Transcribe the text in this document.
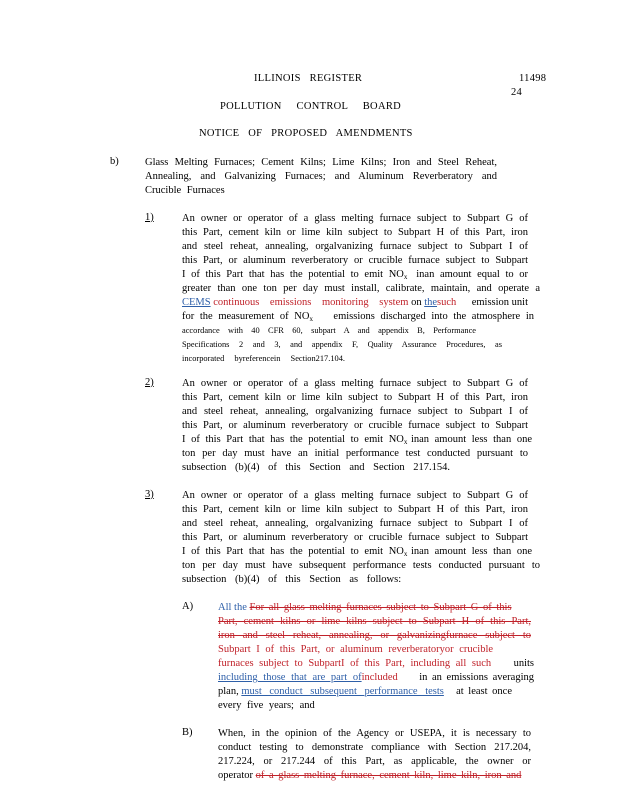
ILLINOIS REGISTER	11498
24
POLLUTION CONTROL BOARD
NOTICE OF PROPOSED AMENDMENTS
b)	Glass Melting Furnaces; Cement Kilns; Lime Kilns; Iron and Steel Reheat,
Annealing, and Galvanizing Furnaces; and Aluminum Reverberatory and
Crucible Furnaces
1)	An owner or operator of a glass melting furnace subject to Subpart G of
this Part, cement kiln or lime kiln subject to Subpart H of this Part, iron
and steel reheat, annealing, orgalvanizing furnace subject to Subpart I of
this Part, or aluminum reverberatory or crucible furnace subject to Subpart
I of this Part that has the potential to emit $NO_x$ inan amount equal to or
greater than one ton per day must install, calibrate, maintain, and operate a
CEMS continuous emissions monitoring system on thesuch emission unit
for the measurement of $NO_x$ emissions discharged into the atmosphere in
accordance with 40 CFR 60, subpart A and appendix B, Performance
Specifications 2 and 3, and appendix F, Quality Assurance Procedures, as
incorporated byreferencein Section217.104.
2)	An owner or operator of a glass melting furnace subject to Subpart G of
this Part, cement kiln or lime kiln subject to Subpart H of this Part, iron
and steel reheat, annealing, orgalvanizing furnace subject to Subpart I of
this Part, or aluminum reverberatory or crucible furnace subject to Subpart
I of this Part that has the potential to emit $NO_x$ inan amount less than one
ton per day must have an initial performance test conducted pursuant to
subsection (b)(4) of this Section and Section 217.154.
3)	An owner or operator of a glass melting furnace subject to Subpart G of
this Part, cement kiln or lime kiln subject to Subpart H of this Part, iron
and steel reheat, annealing, orgalvanizing furnace subject to Subpart I of
this Part, or aluminum reverberatory or crucible furnace subject to Subpart
I of this Part that has the potential to emit $NO_x$ inan amount less than one
ton per day must have subsequent performance tests conducted pursuant to
subsection (b)(4) of this Section as follows:
A) All the For all glass melting furnaces subject to Subpart G of this
Part, cement kilns or lime kilns subject to Subpart H of this Part,
iron and steel reheat, annealing, or galvanizingfurnace subject to
Subpart I of this Part, or aluminum reverberatoryor crucible
furnaces subject to SubpartI of this Part, including all such units
including those that are part ofincluded in an emissions averaging
plan, must conduct subsequent performance tests at least once
every five years; and
B) When, in the opinion of the Agency or USEPA, it is necessary to
conduct testing to demonstrate compliance with Section 217.204,
217.224, or 217.244 of this Part, as applicable, the owner or
operator of a glass melting furnace, cement kiln, lime kiln, iron and
